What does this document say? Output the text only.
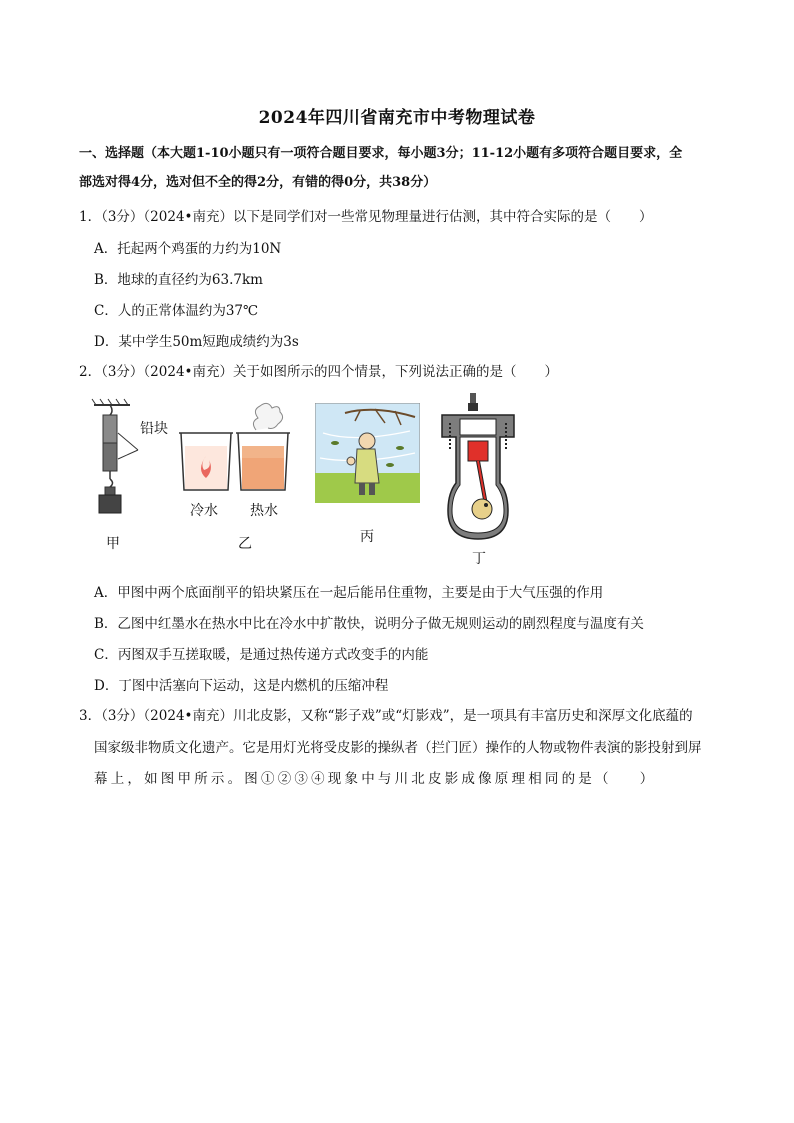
2024年四川省南充市中考物理试卷
一、选择题（本大题1-10小题只有一项符合题目要求，每小题3分；11-12小题有多项符合题目要求，全
部选对得4分，选对但不全的得2分，有错的得0分，共38分）
1．（3分）（2024•南充）以下是同学们对一些常见物理量进行估测，其中符合实际的是（ ）
A．托起两个鸡蛋的力约为10N
B．地球的直径约为63.7km
C．人的正常体温约为37℃
D．某中学生50m短跑成绩约为3s
2．（3分）（2024•南充）关于如图所示的四个情景，下列说法正确的是（ ）
铅块
甲
冷水 热水
乙	丙
丁
A．甲图中两个底面削平的铅块紧压在一起后能吊住重物，主要是由于大气压强的作用
B．乙图中红墨水在热水中比在冷水中扩散快，说明分子做无规则运动的剧烈程度与温度有关
C．丙图双手互搓取暖，是通过热传递方式改变手的内能
D．丁图中活塞向下运动，这是内燃机的压缩冲程
3．（3分）（2024•南充）川北皮影，又称“影子戏”或“灯影戏”，是一项具有丰富历史和深厚文化底蕴的
国家级非物质文化遗产。它是用灯光将受皮影的操纵者（拦门匠）操作的人物或物件表演的影投射到屏
幕上，如图甲所示。图①②③④现象中与川北皮影成像原理相同的是（ ）
